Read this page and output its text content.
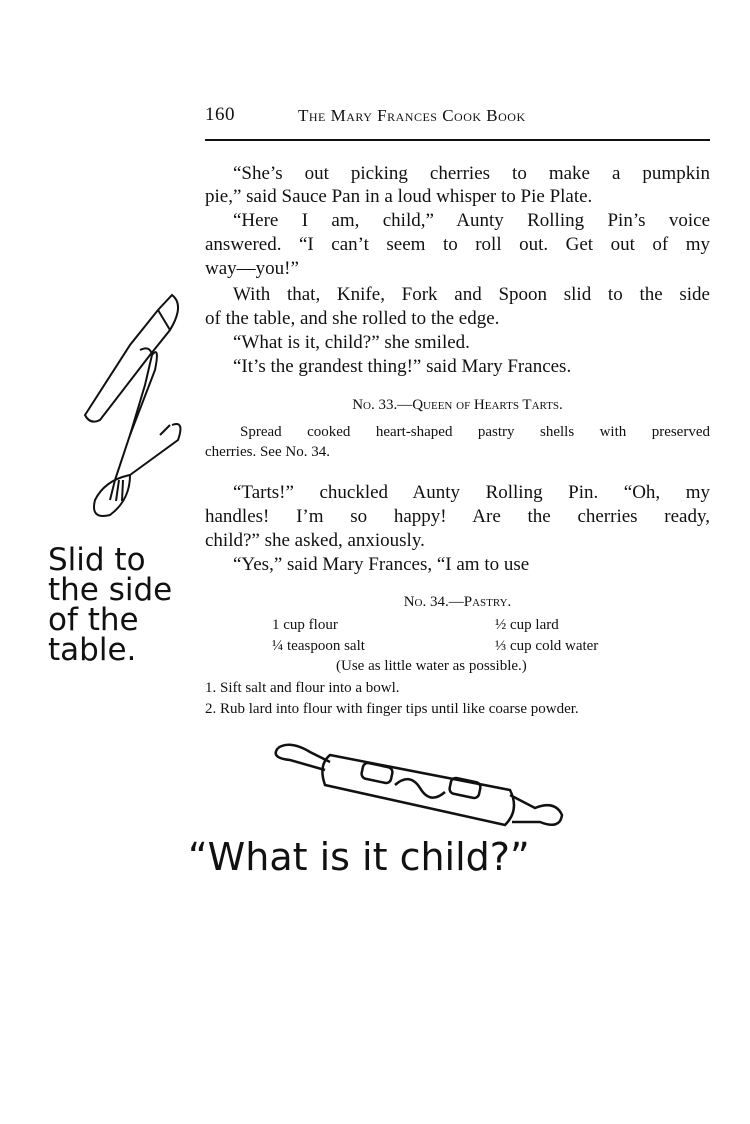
160	The Mary Frances Cook Book
“She’s out picking cherries to make a pumpkin
pie,” said Sauce Pan in a loud whisper to Pie Plate.
“Here I am, child,” Aunty Rolling Pin’s voice
answered. “I can’t seem to roll out. Get out of my
way—you!”
With that, Knife, Fork and Spoon slid to the side
of the table, and she rolled to the edge.
“What is it, child?” she smiled.
“It’s the grandest thing!” said Mary Frances.
No. 33.—Queen of Hearts Tarts.
Spread cooked heart-shaped pastry shells with preserved
cherries. See No. 34.
“Tarts!” chuckled Aunty Rolling Pin. “Oh, my
handles! I’m so happy! Are the cherries ready,
child?” she asked, anxiously.
“Yes,” said Mary Frances, “I am to use
No. 34.—Pastry.
1 cup flour
¼ teaspoon salt
½ cup lard
⅓ cup cold water
(Use as little water as possible.)
1. Sift salt and flour into a bowl.
2. Rub lard into flour with finger tips until like coarse powder.
Slid to
the side
of the
table.
“What is it child?”
